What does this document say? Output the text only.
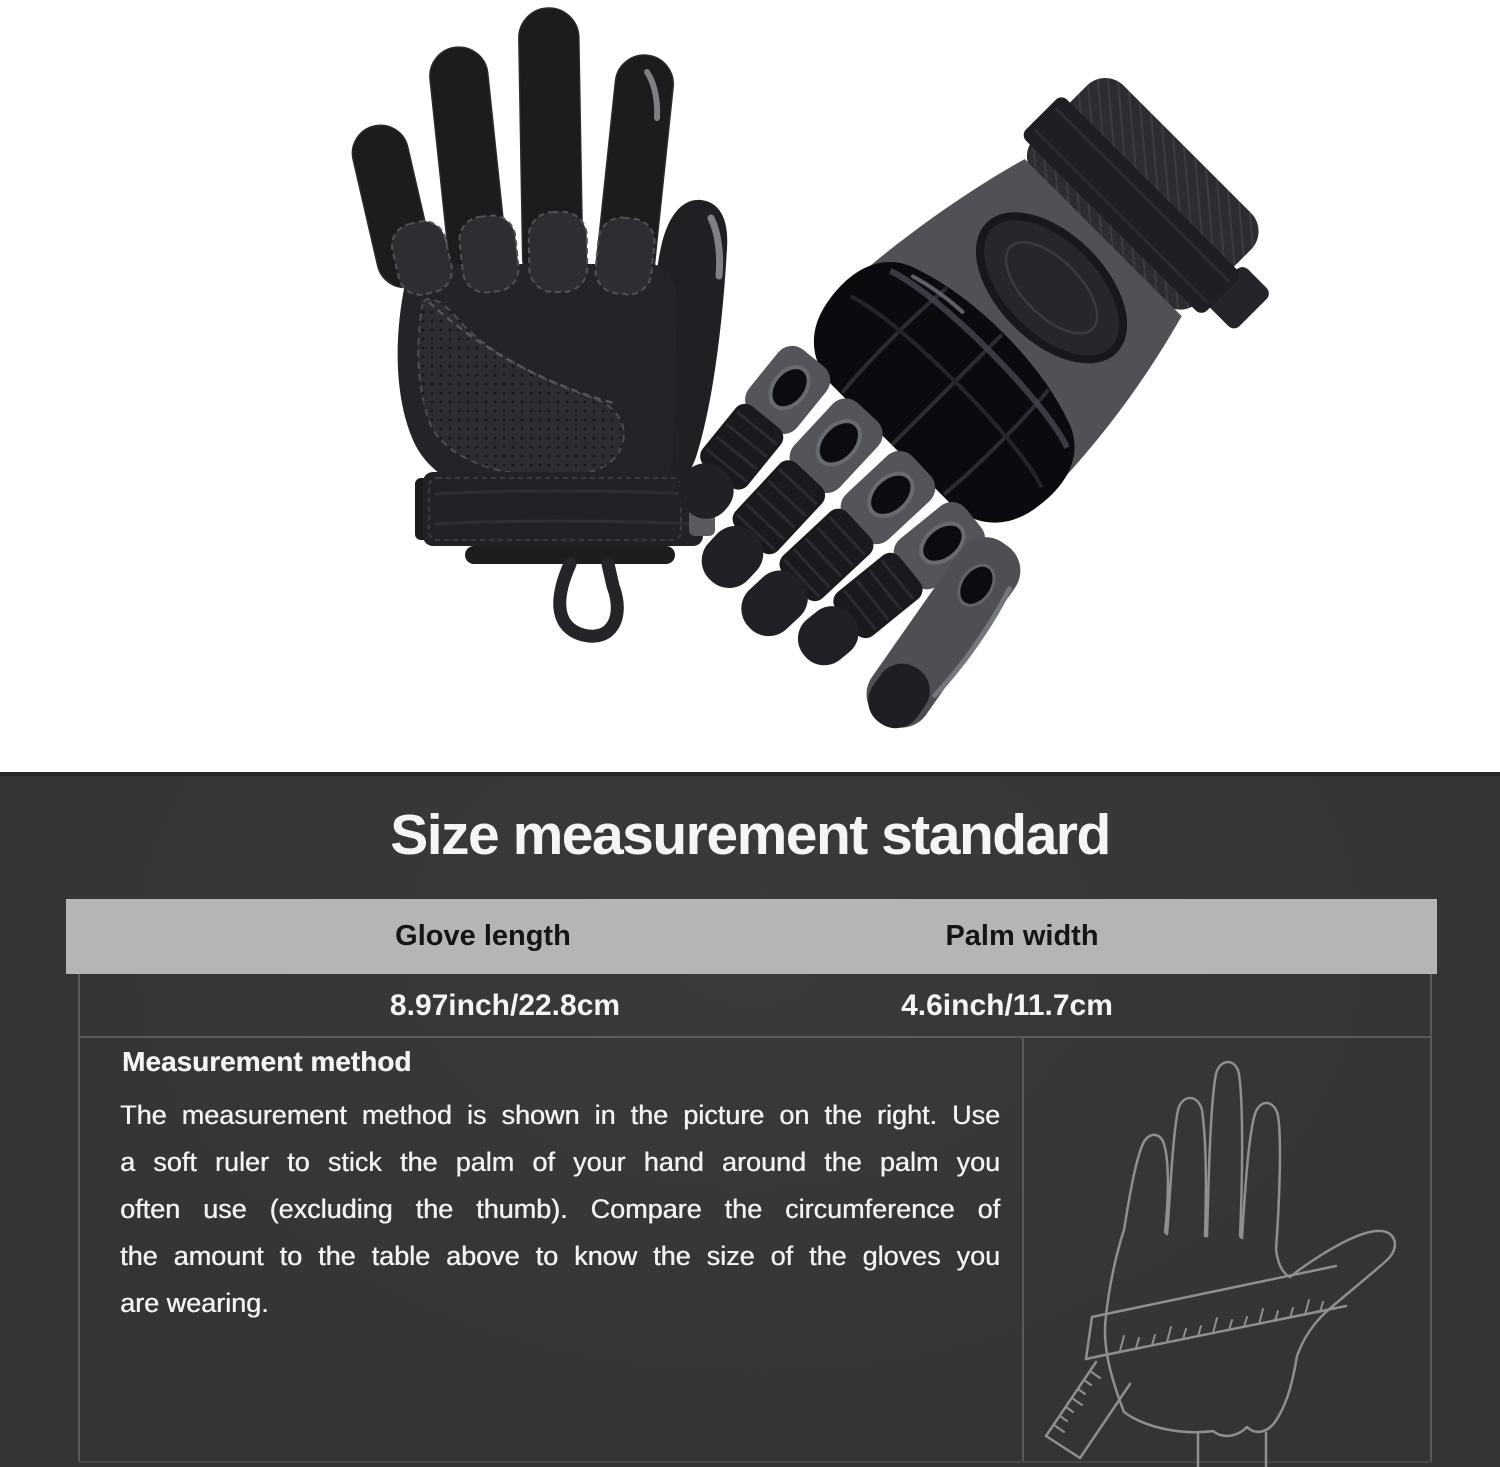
Size measurement standard
Glove length	Palm width
8.97inch/22.8cm	4.6inch/11.7cm
Measurement method
The measurement method is shown in the picture on the right. Use
a soft ruler to stick the palm of your hand around the palm you
often use (excluding the thumb). Compare the circumference of
the amount to the table above to know the size of the gloves you
are wearing.
